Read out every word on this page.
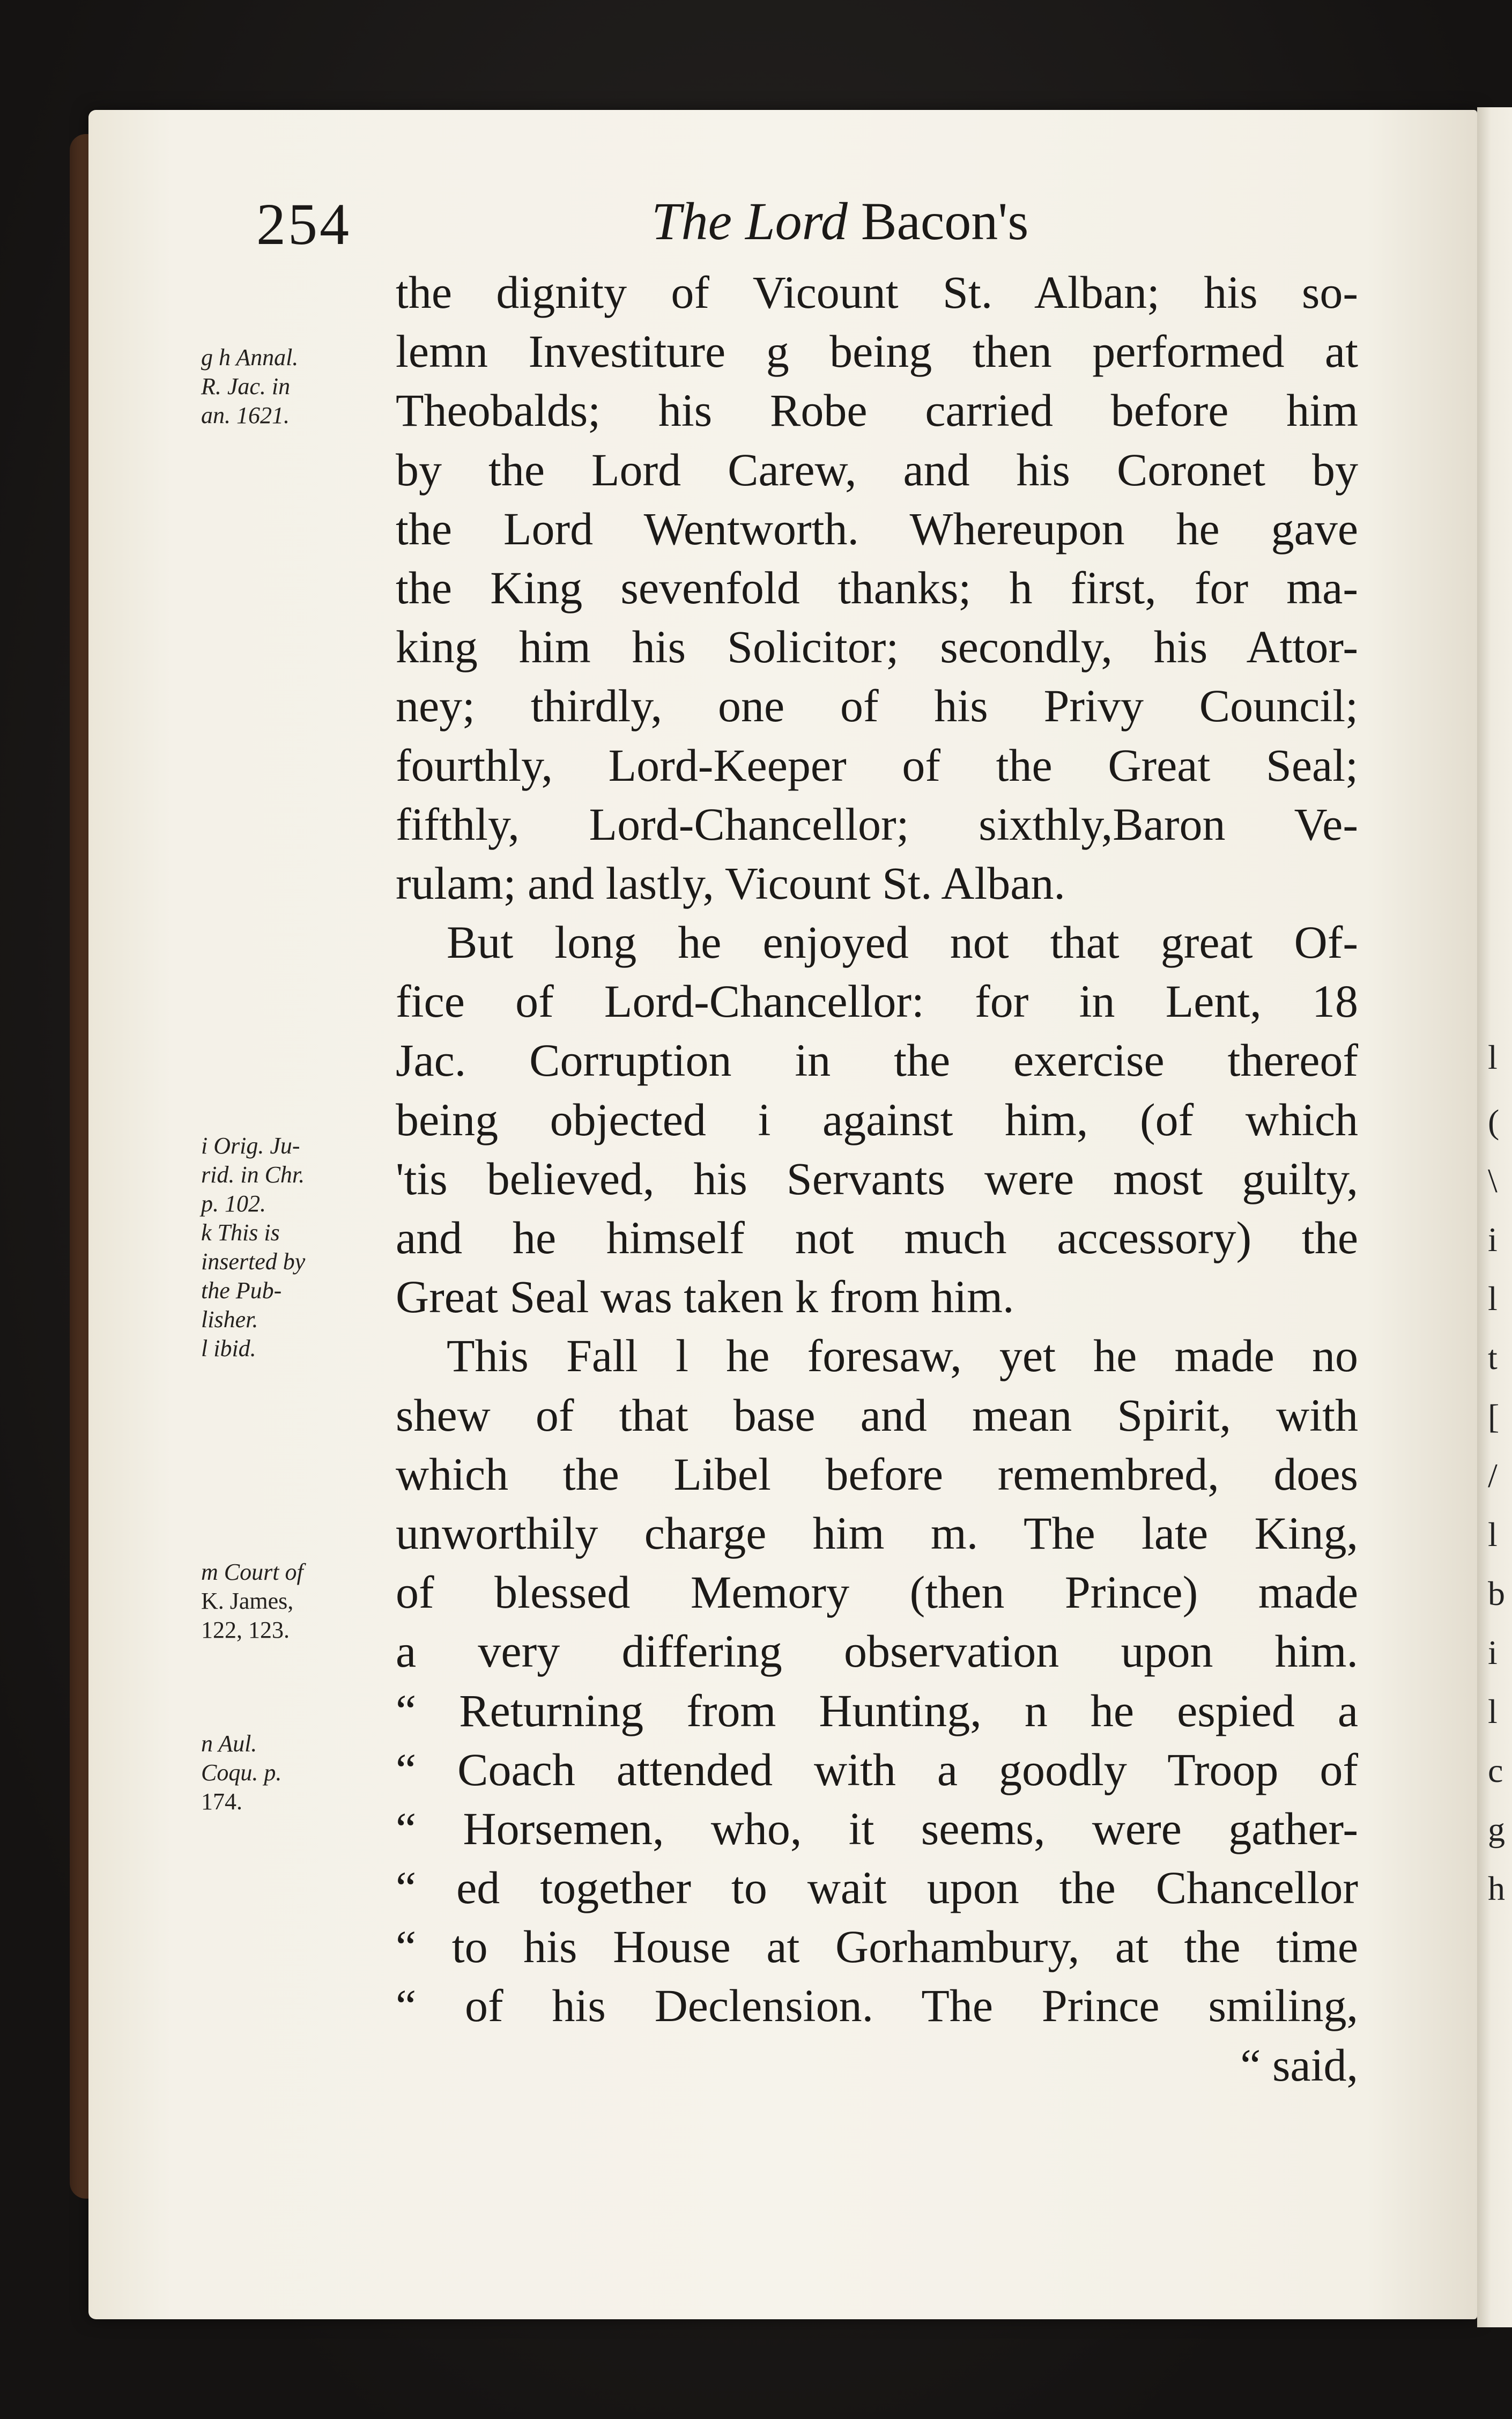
l
(
\
i
l
t
[
/
l
b
i
l
c
g
h
254	The Lord Bacon's
the dignity of Vicount St. Alban; his so-
lemn Investiture g being then performed at
Theobalds; his Robe carried before him
by the Lord Carew, and his Coronet by
the Lord Wentworth. Whereupon he gave
the King sevenfold thanks; h first, for ma-
king him his Solicitor; secondly, his Attor-
ney; thirdly, one of his Privy Council;
fourthly, Lord-Keeper of the Great Seal;
fifthly, Lord-Chancellor; sixthly,Baron Ve-
rulam; and lastly, Vicount St. Alban.
But long he enjoyed not that great Of-
fice of Lord-Chancellor: for in Lent, 18
Jac. Corruption in the exercise thereof
being objected i against him, (of which
'tis believed, his Servants were most guilty,
and he himself not much accessory) the
Great Seal was taken k from him.
This Fall l he foresaw, yet he made no
shew of that base and mean Spirit, with
which the Libel before remembred, does
unworthily charge him m. The late King,
of blessed Memory (then Prince) made
a very differing observation upon him.
“ Returning from Hunting, n he espied a
“ Coach attended with a goodly Troop of
“ Horsemen, who, it seems, were gather-
“ ed together to wait upon the Chancellor
“ to his House at Gorhambury, at the time
“ of his Declension. The Prince smiling,
“ said,
g h Annal.
R. Jac. in
an. 1621.
i Orig. Ju-
rid. in Chr.
p. 102.
k This is
inserted by
the Pub-
lisher.
l ibid.
m Court of
K. James,
122, 123.
n Aul.
Coqu. p.
174.
